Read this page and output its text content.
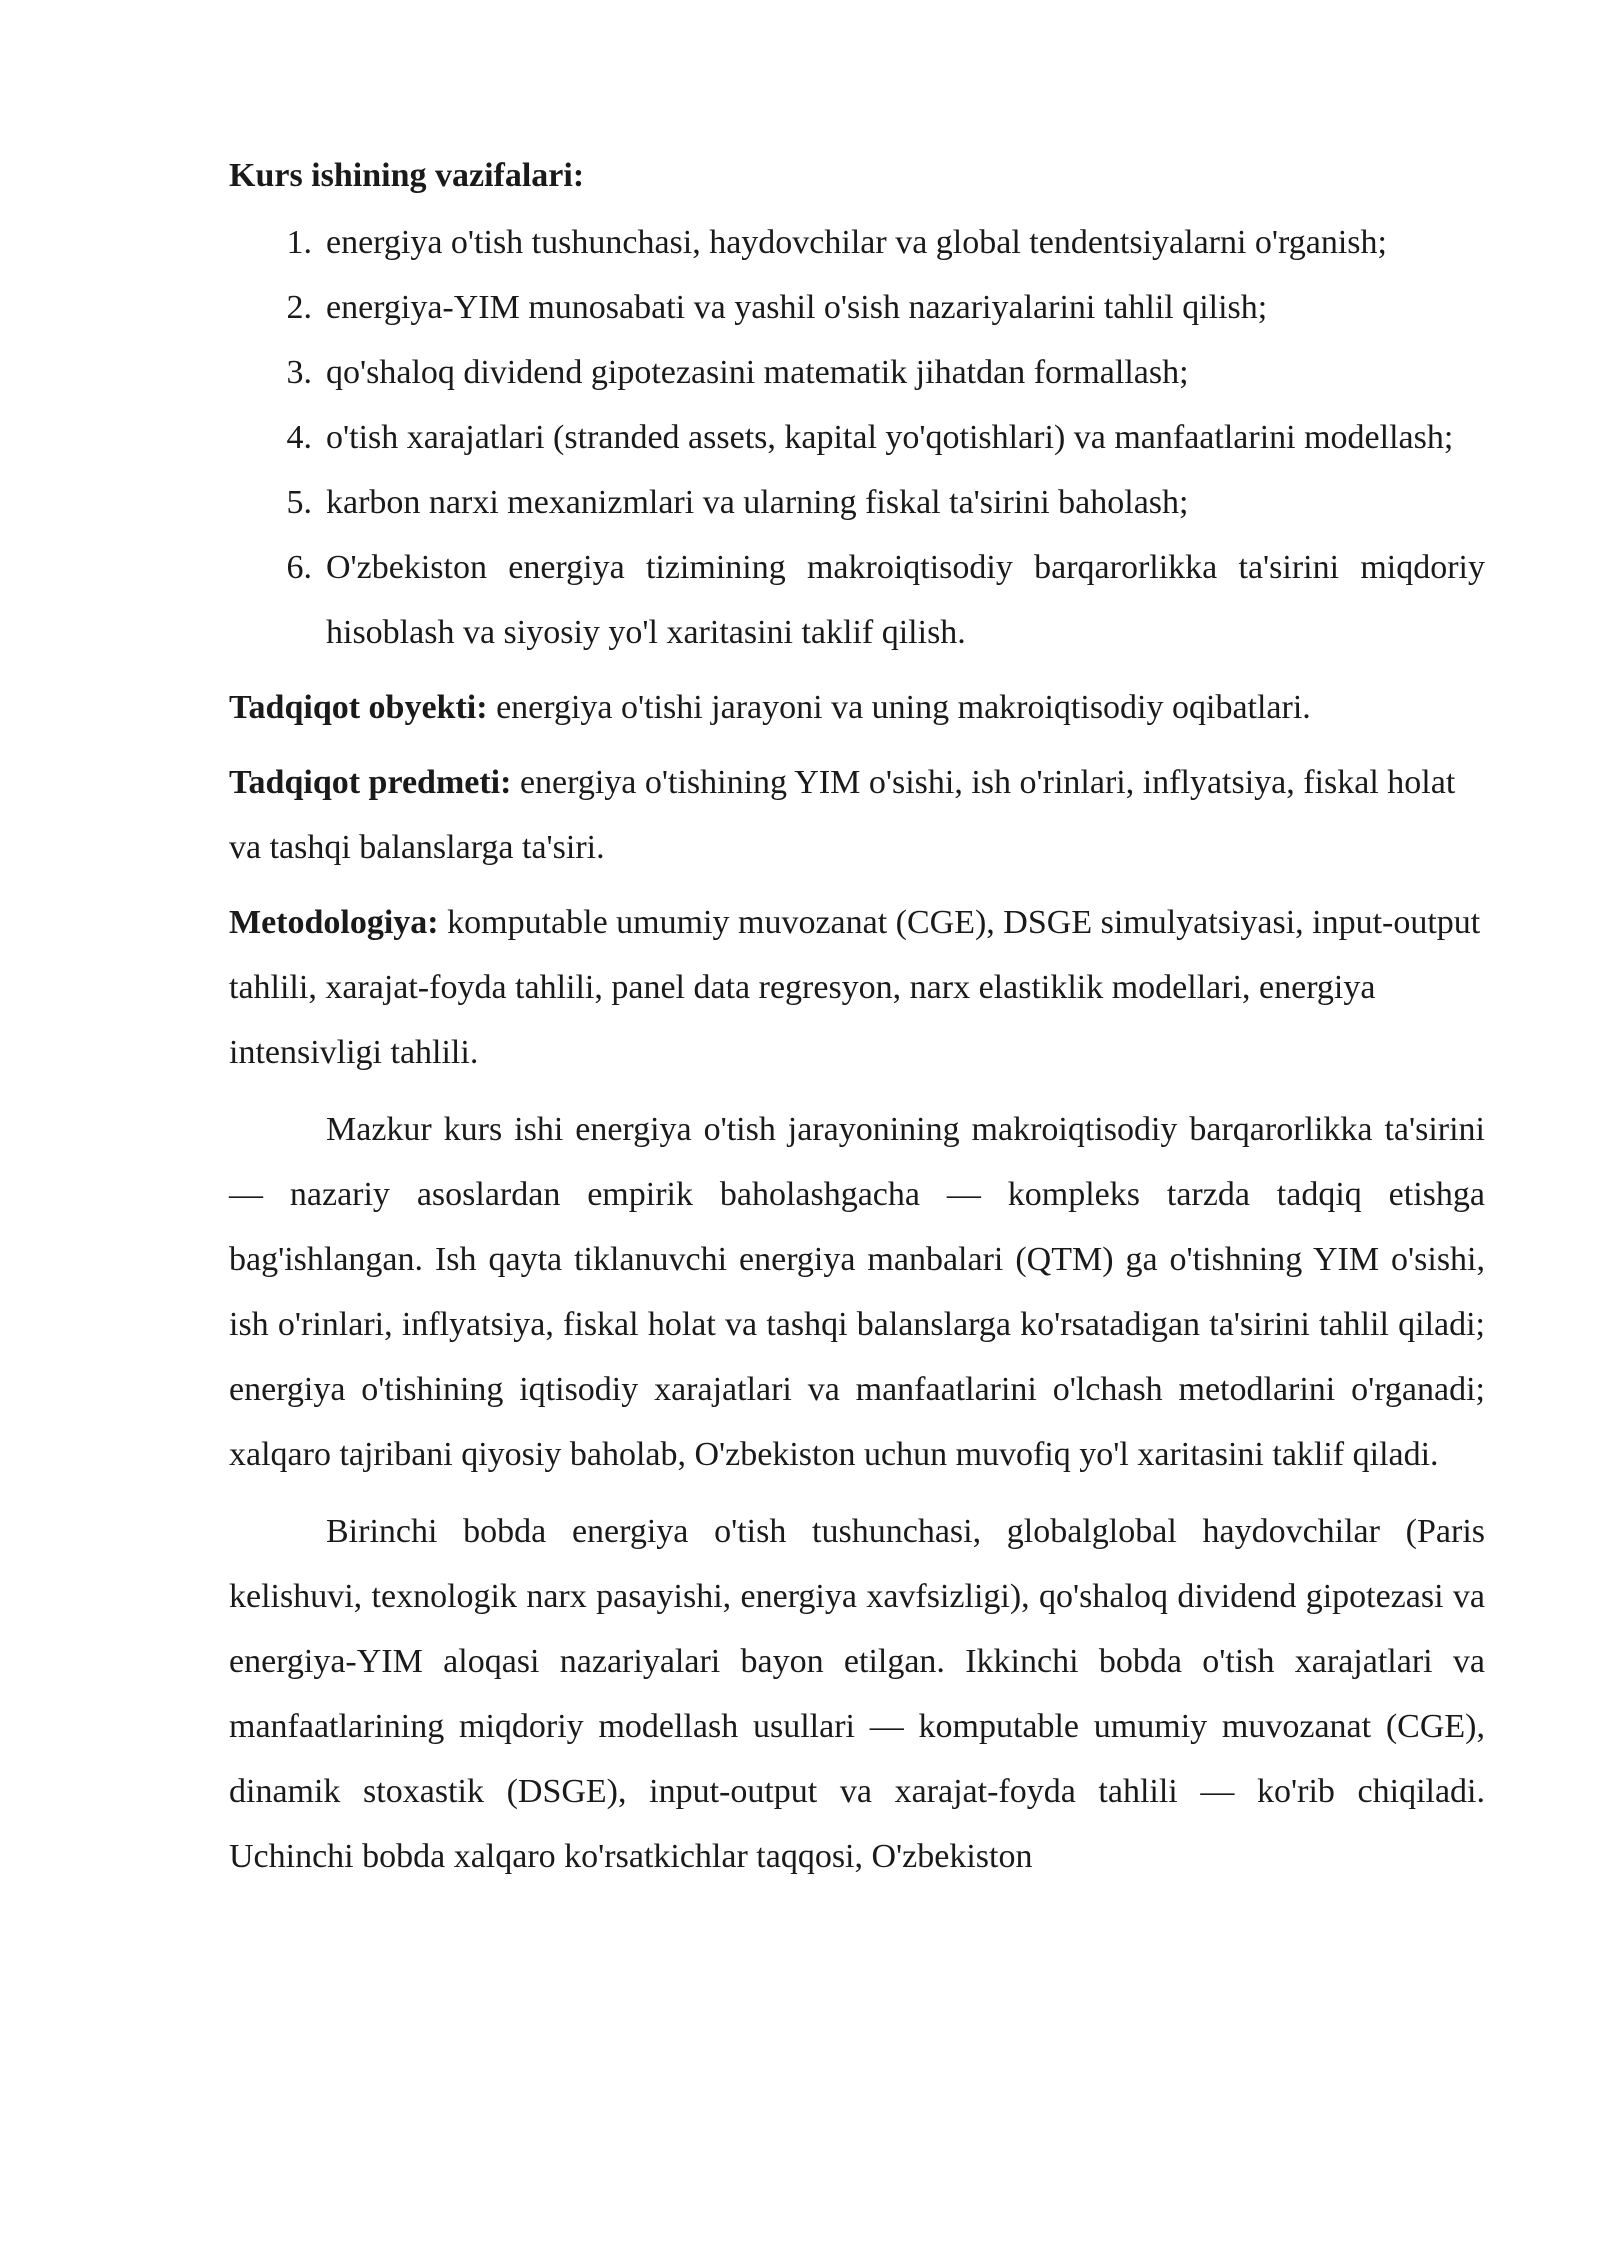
Kurs ishining vazifalari:

1. energiya o'tish tushunchasi, haydovchilar va global tendentsiyalarni o'rganish;
2. energiya-YIM munosabati va yashil o'sish nazariyalarini tahlil qilish;
3. qo'shaloq dividend gipotezasini matematik jihatdan formallash;
4. o'tish xarajatlari (stranded assets, kapital yo'qotishlari) va manfaatlarini modellash;
5. karbon narxi mexanizmlari va ularning fiskal ta'sirini baholash;
6. O'zbekiston energiya tizimining makroiqtisodiy barqarorlikka ta'sirini miqdoriy hisoblash va siyosiy yo'l xaritasini taklif qilish.

Tadqiqot obyekti: energiya o'tishi jarayoni va uning makroiqtisodiy oqibatlari.

Tadqiqot predmeti: energiya o'tishining YIM o'sishi, ish o'rinlari, inflyatsiya, fiskal holat va tashqi balanslarga ta'siri.

Metodologiya: komputable umumiy muvozanat (CGE), DSGE simulyatsiyasi, input-output tahlili, xarajat-foyda tahlili, panel data regresyon, narx elastiklik modellari, energiya intensivligi tahlili.

Mazkur kurs ishi energiya o'tish jarayonining makroiqtisodiy barqarorlikka ta'sirini — nazariy asoslardan empirik baholashgacha — kompleks tarzda tadqiq etishga bag'ishlangan. Ish qayta tiklanuvchi energiya manbalari (QTM) ga o'tishning YIM o'sishi, ish o'rinlari, inflyatsiya, fiskal holat va tashqi balanslarga ko'rsatadigan ta'sirini tahlil qiladi; energiya o'tishining iqtisodiy xarajatlari va manfaatlarini o'lchash metodlarini o'rganadi; xalqaro tajribani qiyosiy baholab, O'zbekiston uchun muvofiq yo'l xaritasini taklif qiladi.

Birinchi bobda energiya o'tish tushunchasi, globalglobal haydovchilar (Paris kelishuvi, texnologik narx pasayishi, energiya xavfsizligi), qo'shaloq dividend gipotezasi va energiya-YIM aloqasi nazariyalari bayon etilgan. Ikkinchi bobda o'tish xarajatlari va manfaatlarining miqdoriy modellash usullari — komputable umumiy muvozanat (CGE), dinamik stoxastik (DSGE), input-output va xarajat-foyda tahlili — ko'rib chiqiladi. Uchinchi bobda xalqaro ko'rsatkichlar taqqosi, O'zbekiston
